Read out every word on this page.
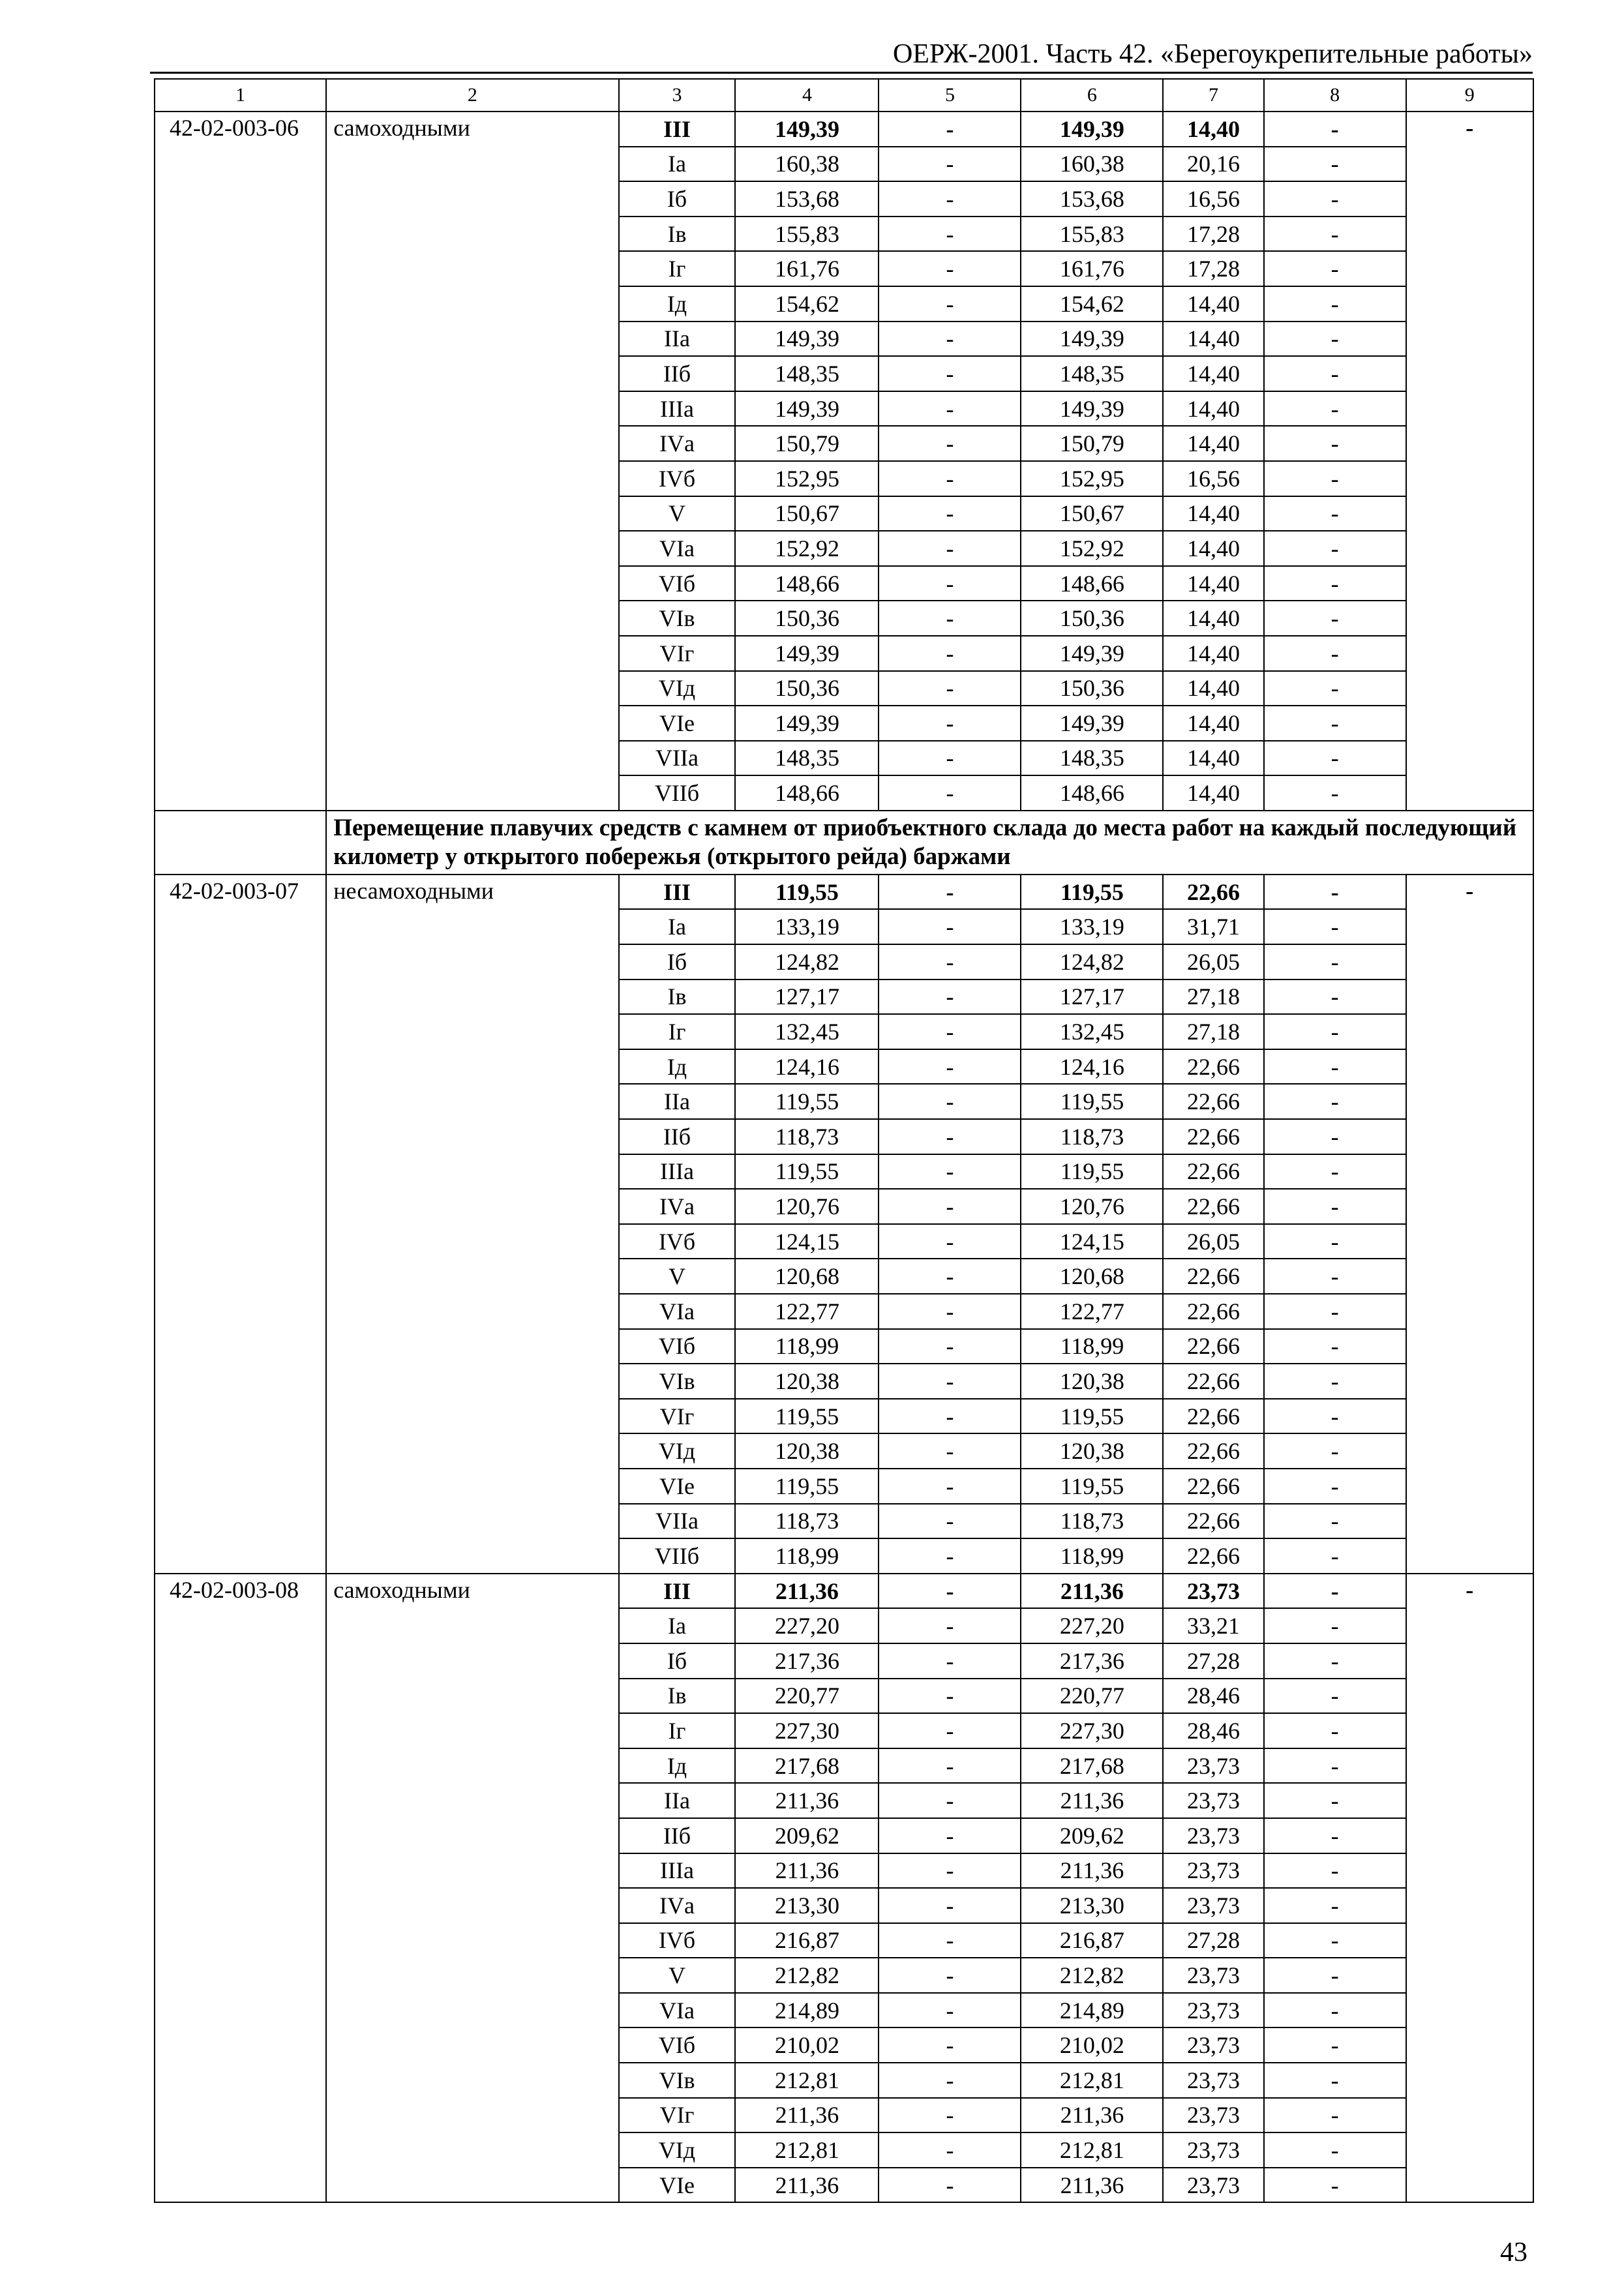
ОЕРЖ-2001. Часть 42. «Берегоукрепительные работы»
1	2	3	4	5	6	7	8	9
42-02-003-06	самоходными	III	149,39	-	149,39	14,40	-	-
		Iа	160,38	-	160,38	20,16	-	
		Iб	153,68	-	153,68	16,56	-	
		Iв	155,83	-	155,83	17,28	-	
		Iг	161,76	-	161,76	17,28	-	
		Iд	154,62	-	154,62	14,40	-	
		IIа	149,39	-	149,39	14,40	-	
		IIб	148,35	-	148,35	14,40	-	
		IIIа	149,39	-	149,39	14,40	-	
		IVа	150,79	-	150,79	14,40	-	
		IVб	152,95	-	152,95	16,56	-	
		V	150,67	-	150,67	14,40	-	
		VIа	152,92	-	152,92	14,40	-	
		VIб	148,66	-	148,66	14,40	-	
		VIв	150,36	-	150,36	14,40	-	
		VIг	149,39	-	149,39	14,40	-	
		VIд	150,36	-	150,36	14,40	-	
		VIе	149,39	-	149,39	14,40	-	
		VIIа	148,35	-	148,35	14,40	-	
		VIIб	148,66	-	148,66	14,40	-	
	Перемещение плавучих средств с камнем от приобъектного склада до места работ на каждый последующий километр у открытого побережья (открытого рейда) баржами							
42-02-003-07	несамоходными	III	119,55	-	119,55	22,66	-	-
		Iа	133,19	-	133,19	31,71	-	
		Iб	124,82	-	124,82	26,05	-	
		Iв	127,17	-	127,17	27,18	-	
		Iг	132,45	-	132,45	27,18	-	
		Iд	124,16	-	124,16	22,66	-	
		IIа	119,55	-	119,55	22,66	-	
		IIб	118,73	-	118,73	22,66	-	
		IIIа	119,55	-	119,55	22,66	-	
		IVа	120,76	-	120,76	22,66	-	
		IVб	124,15	-	124,15	26,05	-	
		V	120,68	-	120,68	22,66	-	
		VIа	122,77	-	122,77	22,66	-	
		VIб	118,99	-	118,99	22,66	-	
		VIв	120,38	-	120,38	22,66	-	
		VIг	119,55	-	119,55	22,66	-	
		VIд	120,38	-	120,38	22,66	-	
		VIе	119,55	-	119,55	22,66	-	
		VIIа	118,73	-	118,73	22,66	-	
		VIIб	118,99	-	118,99	22,66	-	
42-02-003-08	самоходными	III	211,36	-	211,36	23,73	-	-
		Iа	227,20	-	227,20	33,21	-	
		Iб	217,36	-	217,36	27,28	-	
		Iв	220,77	-	220,77	28,46	-	
		Iг	227,30	-	227,30	28,46	-	
		Iд	217,68	-	217,68	23,73	-	
		IIа	211,36	-	211,36	23,73	-	
		IIб	209,62	-	209,62	23,73	-	
		IIIа	211,36	-	211,36	23,73	-	
		IVа	213,30	-	213,30	23,73	-	
		IVб	216,87	-	216,87	27,28	-	
		V	212,82	-	212,82	23,73	-	
		VIа	214,89	-	214,89	23,73	-	
		VIб	210,02	-	210,02	23,73	-	
		VIв	212,81	-	212,81	23,73	-	
		VIг	211,36	-	211,36	23,73	-	
		VIд	212,81	-	212,81	23,73	-	
		VIе	211,36	-	211,36	23,73	-	
43
